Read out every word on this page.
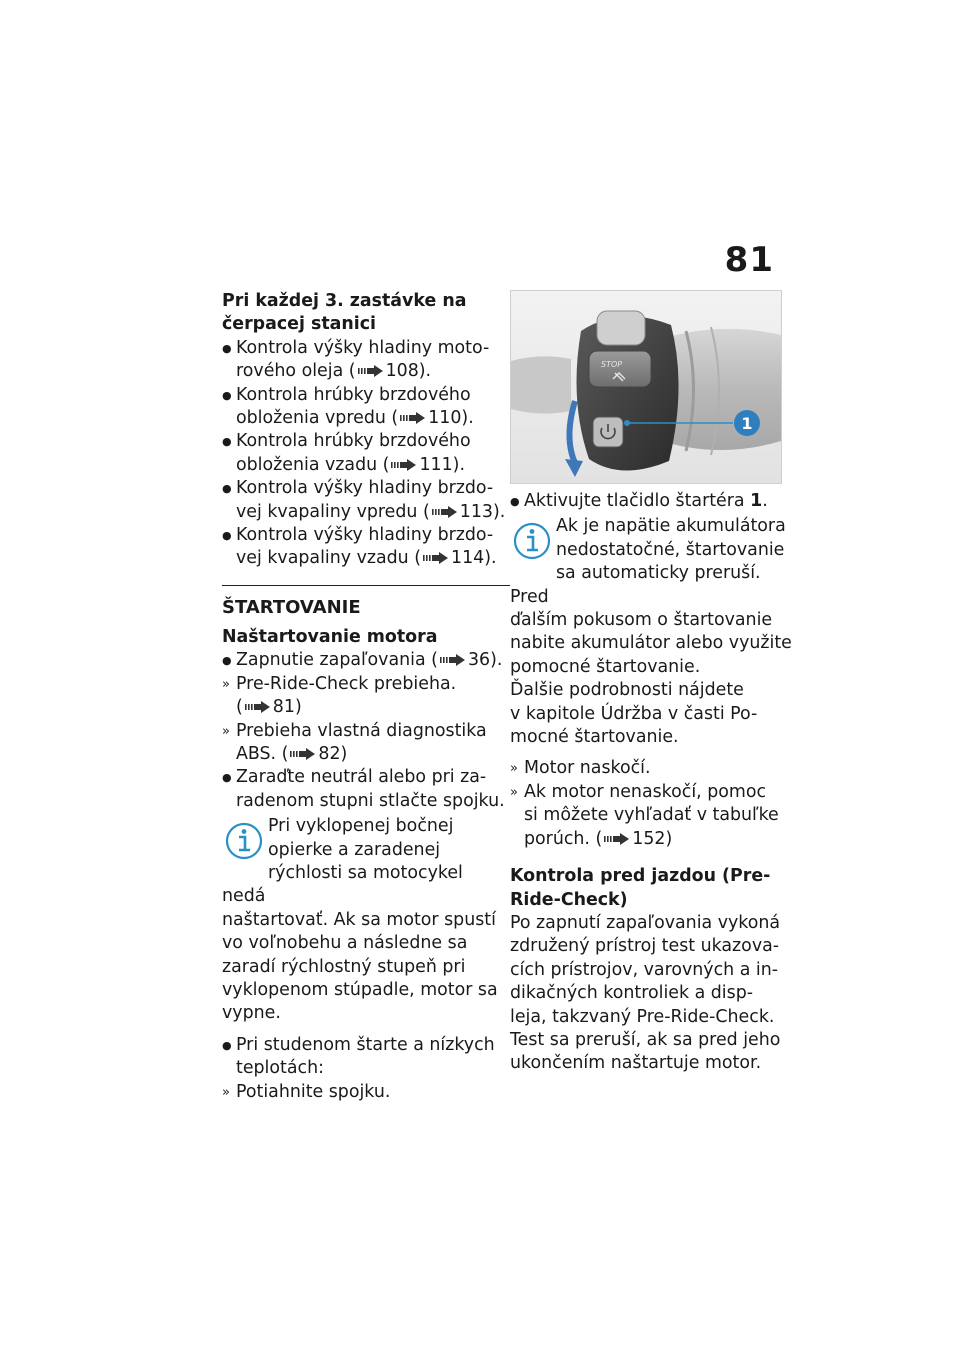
81
Pri každej 3. zastávke na
čerpacej stanici
● Kontrola výšky hladiny moto-
rového oleja ( 108).
● Kontrola hrúbky brzdového
obloženia vpredu ( 110).
● Kontrola hrúbky brzdového
obloženia vzadu ( 111).
● Kontrola výšky hladiny brzdo-
vej kvapaliny vpredu ( 113).
● Kontrola výšky hladiny brzdo-
vej kvapaliny vzadu ( 114).
ŠTARTOVANIE
Naštartovanie motora
● Zapnutie zapaľovania ( 36).
» Pre-Ride-Check prebieha.
( 81)
» Prebieha vlastná diagnostika
ABS. ( 82)
● Zaraďte neutrál alebo pri za-
radenom stupni stlačte spojku.
Pri vyklopenej bočnej
opierke a zaradenej
rýchlosti sa motocykel nedá
naštartovať. Ak sa motor spustí
vo voľnobehu a následne sa
zaradí rýchlostný stupeň pri
vyklopenom stúpadle, motor sa
vypne.
● Pri studenom štarte a nízkych
teplotách:
» Potiahnite spojku.
STOP
1
● Aktivujte tlačidlo štartéra 1.
Ak je napätie akumulátora
nedostatočné, štartovanie
sa automaticky preruší. Pred
ďalším pokusom o štartovanie
nabite akumulátor alebo využite
pomocné štartovanie.
Ďalšie podrobnosti nájdete
v kapitole Údržba v časti Po-
mocné štartovanie.
» Motor naskočí.
» Ak motor nenaskočí, pomoc
si môžete vyhľadať v tabuľke
porúch. ( 152)
Kontrola pred jazdou (Pre-
Ride-Check)
Po zapnutí zapaľovania vykoná
združený prístroj test ukazova-
cích prístrojov, varovných a in-
dikačných kontroliek a disp-
leja, takzvaný Pre-Ride-Check.
Test sa preruší, ak sa pred jeho
ukončením naštartuje motor.
